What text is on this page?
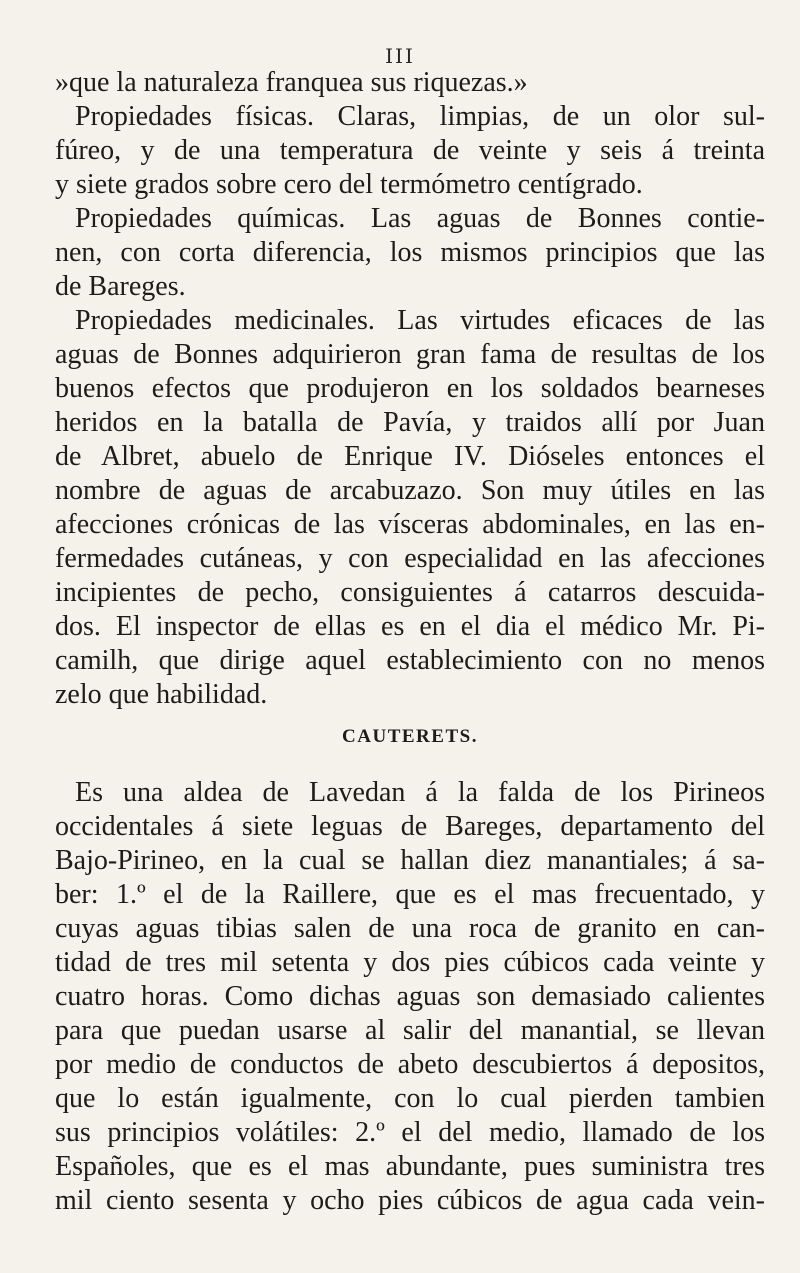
III
»que la naturaleza franquea sus riquezas.»
Propiedades físicas. Claras, limpias, de un olor sul-
fúreo, y de una temperatura de veinte y seis á treinta
y siete grados sobre cero del termómetro centígrado.
Propiedades químicas. Las aguas de Bonnes contie-
nen, con corta diferencia, los mismos principios que las
de Bareges.
Propiedades medicinales. Las virtudes eficaces de las
aguas de Bonnes adquirieron gran fama de resultas de los
buenos efectos que produjeron en los soldados bearneses
heridos en la batalla de Pavía, y traidos allí por Juan
de Albret, abuelo de Enrique IV. Dióseles entonces el
nombre de aguas de arcabuzazo. Son muy útiles en las
afecciones crónicas de las vísceras abdominales, en las en-
fermedades cutáneas, y con especialidad en las afecciones
incipientes de pecho, consiguientes á catarros descuida-
dos. El inspector de ellas es en el dia el médico Mr. Pi-
camilh, que dirige aquel establecimiento con no menos
zelo que habilidad.
CAUTERETS.
Es una aldea de Lavedan á la falda de los Pirineos
occidentales á siete leguas de Bareges, departamento del
Bajo-Pirineo, en la cual se hallan diez manantiales; á sa-
ber: 1.º el de la Raillere, que es el mas frecuentado, y
cuyas aguas tibias salen de una roca de granito en can-
tidad de tres mil setenta y dos pies cúbicos cada veinte y
cuatro horas. Como dichas aguas son demasiado calientes
para que puedan usarse al salir del manantial, se llevan
por medio de conductos de abeto descubiertos á depositos,
que lo están igualmente, con lo cual pierden tambien
sus principios volátiles: 2.º el del medio, llamado de los
Españoles, que es el mas abundante, pues suministra tres
mil ciento sesenta y ocho pies cúbicos de agua cada vein-
